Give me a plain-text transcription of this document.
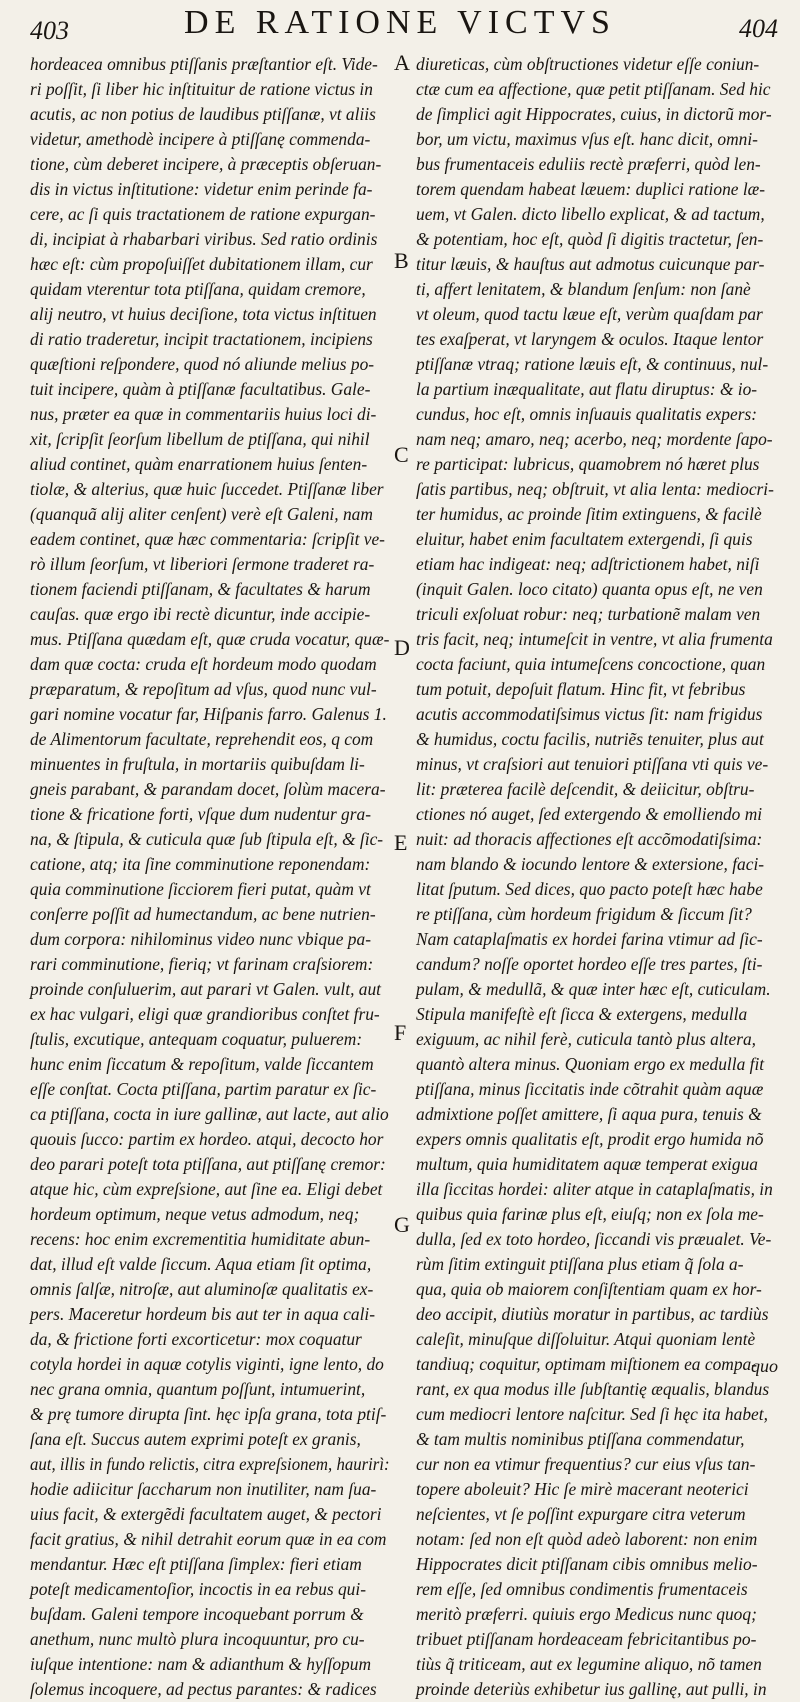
403	DE RATIONE VICTVS	404
hordeacea omnibus ptiſſanis præſtantior eſt. Vide-
ri poſſit, ſi liber hic inſtituitur de ratione victus in
acutis, ac non potius de laudibus ptiſſanæ, vt aliis
videtur, amethodè incipere à ptiſſanę commenda-
tione, cùm deberet incipere, à præceptis obſeruan-
dis in victus inſtitutione: videtur enim perinde fa-
cere, ac ſi quis tractationem de ratione expurgan-
di, incipiat à rhabarbari viribus. Sed ratio ordinis
hæc eſt: cùm propoſuiſſet dubitationem illam, cur
quidam vterentur tota ptiſſana, quidam cremore,
alij neutro, vt huius deciſione, tota victus inſtituen
di ratio traderetur, incipit tractationem, incipiens
quæſtioni reſpondere, quod nó aliunde melius po-
tuit incipere, quàm à ptiſſanæ facultatibus. Gale-
nus, præter ea quæ in commentariis huius loci di-
xit, ſcripſit ſeorſum libellum de ptiſſana, qui nihil
aliud continet, quàm enarrationem huius ſenten-
tiolæ, & alterius, quæ huic ſuccedet. Ptiſſanæ liber
(quanquã alij aliter cenſent) verè eſt Galeni, nam
eadem continet, quæ hæc commentaria: ſcripſit ve-
rò illum ſeorſum, vt liberiori ſermone traderet ra-
tionem faciendi ptiſſanam, & facultates & harum
cauſas. quæ ergo ibi rectè dicuntur, inde accipie-
mus. Ptiſſana quædam eſt, quæ cruda vocatur, quæ-
dam quæ cocta: cruda eſt hordeum modo quodam
præparatum, & repoſitum ad vſus, quod nunc vul-
gari nomine vocatur far, Hiſpanis farro. Galenus 1.
de Alimentorum facultate, reprehendit eos, q com
minuentes in fruſtula, in mortariis quibuſdam li-
gneis parabant, & parandam docet, ſolùm macera-
tione & fricatione forti, vſque dum nudentur gra-
na, & ſtipula, & cuticula quæ ſub ſtipula eſt, & ſic-
catione, atq; ita ſine comminutione reponendam:
quia comminutione ſicciorem fieri putat, quàm vt
conſerre poſſit ad humectandum, ac bene nutrien-
dum corpora: nihilominus video nunc vbique pa-
rari comminutione, fieriq; vt farinam craſsiorem:
proinde conſuluerim, aut parari vt Galen. vult, aut
ex hac vulgari, eligi quæ grandioribus conſtet fru-
ſtulis, excutique, antequam coquatur, puluerem:
hunc enim ſiccatum & repoſitum, valde ſiccantem
eſſe conſtat. Cocta ptiſſana, partim paratur ex ſic-
ca ptiſſana, cocta in iure gallinæ, aut lacte, aut alio
quouis ſucco: partim ex hordeo. atqui, decocto hor
deo parari poteſt tota ptiſſana, aut ptiſſanę cremor:
atque hic, cùm expreſsione, aut ſine ea. Eligi debet
hordeum optimum, neque vetus admodum, neq;
recens: hoc enim excrementitia humiditate abun-
dat, illud eſt valde ſiccum. Aqua etiam ſit optima,
omnis ſalſæ, nitroſæ, aut aluminoſæ qualitatis ex-
pers. Maceretur hordeum bis aut ter in aqua cali-
da, & frictione forti excorticetur: mox coquatur
cotyla hordei in aquæ cotylis viginti, igne lento, do
nec grana omnia, quantum poſſunt, intumuerint,
& prę tumore dirupta ſint. hęc ipſa grana, tota ptiſ-
ſana eſt. Succus autem exprimi poteſt ex granis,
aut, illis in fundo relictis, citra expreſsionem, haurirì:
hodie adiicitur ſaccharum non inutiliter, nam ſua-
uius facit, & extergẽdi facultatem auget, & pectori
facit gratius, & nihil detrahit eorum quæ in ea com
mendantur. Hæc eſt ptiſſana ſimplex: fieri etiam
poteſt medicamentoſior, incoctis in ea rebus qui-
buſdam. Galeni tempore incoquebant porrum &
anethum, nunc multò plura incoquuntur, pro cu-
iuſque intentione: nam & adianthum & hyſſopum
ſolemus incoquere, ad pectus parantes: & radices
A
B
C
D
E
F
G
diureticas, cùm obſtructiones videtur eſſe coniun-
ctæ cum ea affectione, quæ petit ptiſſanam. Sed hic
de ſimplici agit Hippocrates, cuius, in dictorũ mor-
bor, um victu, maximus vſus eſt. hanc dicit, omni-
bus frumentaceis eduliis rectè præferri, quòd len-
torem quendam habeat læuem: duplici ratione læ-
uem, vt Galen. dicto libello explicat, & ad tactum,
& potentiam, hoc eſt, quòd ſi digitis tractetur, ſen-
titur læuis, & hauſtus aut admotus cuicunque par-
ti, affert lenitatem, & blandum ſenſum: non ſanè
vt oleum, quod tactu læue eſt, verùm quaſdam par
tes exaſperat, vt laryngem & oculos. Itaque lentor
ptiſſanæ vtraq; ratione læuis eſt, & continuus, nul-
la partium inæqualitate, aut flatu diruptus: & io-
cundus, hoc eſt, omnis inſuauis qualitatis expers:
nam neq; amaro, neq; acerbo, neq; mordente ſapo-
re participat: lubricus, quamobrem nó hæret plus
ſatis partibus, neq; obſtruit, vt alia lenta: mediocri-
ter humidus, ac proinde ſitim extinguens, & facilè
eluitur, habet enim facultatem extergendi, ſi quis
etiam hac indigeat: neq; adſtrictionem habet, niſi
(inquit Galen. loco citato) quanta opus eſt, ne ven
triculi exſoluat robur: neq; turbationẽ malam ven
tris facit, neq; intumeſcit in ventre, vt alia frumenta
cocta faciunt, quia intumeſcens concoctione, quan
tum potuit, depoſuit flatum. Hinc fit, vt febribus
acutis accommodatiſsimus victus ſit: nam frigidus
& humidus, coctu facilis, nutriẽs tenuiter, plus aut
minus, vt craſsiori aut tenuiori ptiſſana vti quis ve-
lit: præterea facilè deſcendit, & deiicitur, obſtru-
ctiones nó auget, ſed extergendo & emolliendo mi
nuit: ad thoracis affectiones eſt accõmodatiſsima:
nam blando & iocundo lentore & extersione, faci-
litat ſputum. Sed dices, quo pacto poteſt hæc habe
re ptiſſana, cùm hordeum frigidum & ſiccum ſit?
Nam cataplaſmatis ex hordei farina vtimur ad ſic-
candum? noſſe oportet hordeo eſſe tres partes, ſti-
pulam, & medullã, & quæ inter hæc eſt, cuticulam.
Stipula manifeſtè eſt ſicca & extergens, medulla
exiguum, ac nihil ferè, cuticula tantò plus altera,
quantò altera minus. Quoniam ergo ex medulla fit
ptiſſana, minus ſiccitatis inde cõtrahit quàm aquæ
admixtione poſſet amittere, ſi aqua pura, tenuis &
expers omnis qualitatis eſt, prodit ergo humida nõ
multum, quia humiditatem aquæ temperat exigua
illa ſiccitas hordei: aliter atque in cataplaſmatis, in
quibus quia farinæ plus eſt, eiuſq; non ex ſola me-
dulla, ſed ex toto hordeo, ſiccandi vis præualet. Ve-
rùm ſitim extinguit ptiſſana plus etiam q̃ ſola a-
qua, quia ob maiorem conſiſtentiam quam ex hor-
deo accipit, diutiùs moratur in partibus, ac tardiùs
caleſit, minuſque diſſoluitur. Atqui quoniam lentè
tandiuq; coquitur, optimam miſtionem ea compa-
rant, ex qua modus ille ſubſtantię æqualis, blandus
cum mediocri lentore naſcitur. Sed ſi hęc ita habet,
& tam multis nominibus ptiſſana commendatur,
cur non ea vtimur frequentius? cur eius vſus tan-
topere aboleuit? Hic ſe mirè macerant neoterici
neſcientes, vt ſe poſſint expurgare citra veterum
notam: ſed non eſt quòd adeò laborent: non enim
Hippocrates dicit ptiſſanam cibis omnibus melio-
rem eſſe, ſed omnibus condimentis frumentaceis
meritò præferri. quiuis ergo Medicus nunc quoq;
tribuet ptiſſanam hordeaceam febricitantibus po-
tiùs q̃ triticeam, aut ex legumine aliquo, nõ tamen
proinde deteriùs exhibetur ius gallinę, aut pulli, in
quo
